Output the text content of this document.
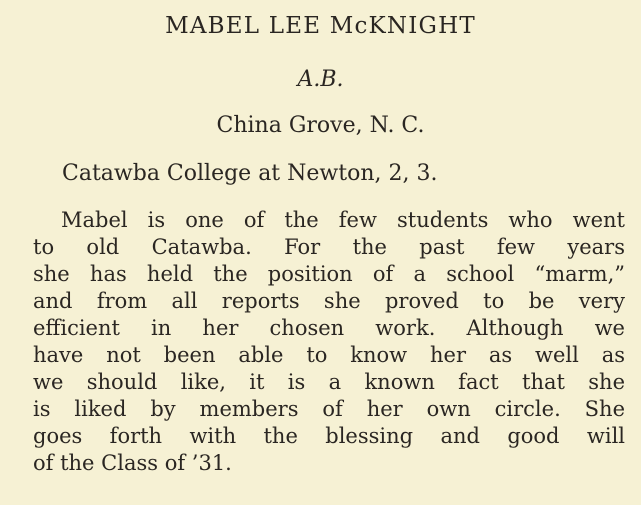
MABEL LEE McKNIGHT
A.B.
China Grove, N. C.
Catawba College at Newton, 2, 3.
Mabel is one of the few students who went
to old Catawba. For the past few years
she has held the position of a school “marm,”
and from all reports she proved to be very
efficient in her chosen work. Although we
have not been able to know her as well as
we should like, it is a known fact that she
is liked by members of her own circle. She
goes forth with the blessing and good will
of the Class of ’31.
